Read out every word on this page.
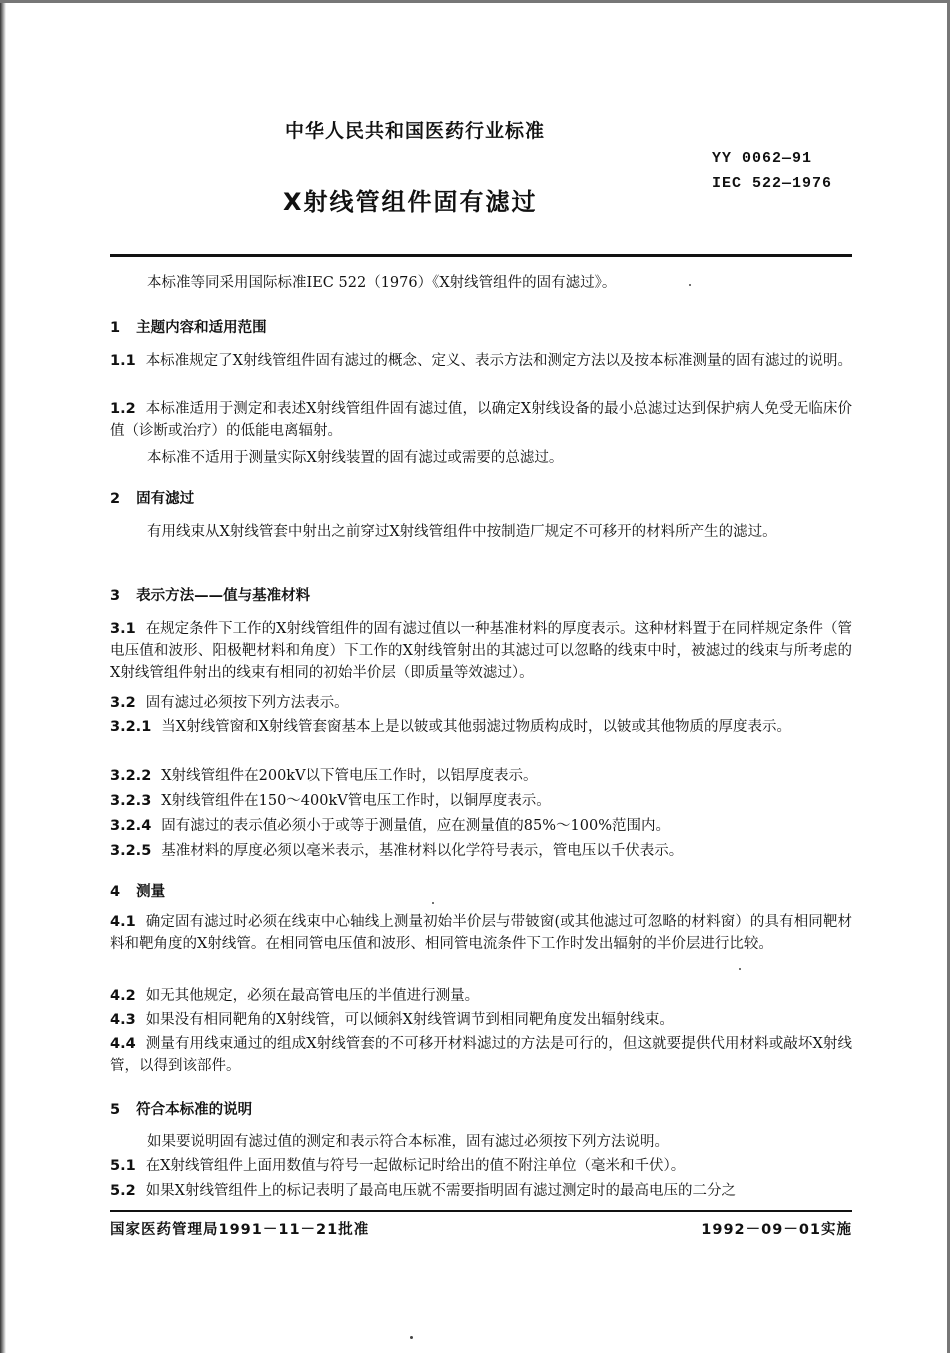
中华人民共和国医药行业标准
YY 0062—91
IEC 522—1976
X射线管组件固有滤过
本标准等同采用国际标准IEC 522（1976）《X射线管组件的固有滤过》。
1 主题内容和适用范围
1.1 本标准规定了X射线管组件固有滤过的概念、定义、表示方法和测定方法以及按本标准测量的固有滤过的说明。
1.2 本标准适用于测定和表述X射线管组件固有滤过值，以确定X射线设备的最小总滤过达到保护病人免受无临床价值（诊断或治疗）的低能电离辐射。
本标准不适用于测量实际X射线装置的固有滤过或需要的总滤过。
2 固有滤过
有用线束从X射线管套中射出之前穿过X射线管组件中按制造厂规定不可移开的材料所产生的滤过。
3 表示方法——值与基准材料
3.1 在规定条件下工作的X射线管组件的固有滤过值以一种基准材料的厚度表示。这种材料置于在同样规定条件（管电压值和波形、阳极靶材料和角度）下工作的X射线管射出的其滤过可以忽略的线束中时，被滤过的线束与所考虑的X射线管组件射出的线束有相同的初始半价层（即质量等效滤过）。
3.2 固有滤过必须按下列方法表示。
3.2.1 当X射线管窗和X射线管套窗基本上是以铍或其他弱滤过物质构成时，以铍或其他物质的厚度表示。
3.2.2 X射线管组件在200kV以下管电压工作时，以铝厚度表示。
3.2.3 X射线管组件在150～400kV管电压工作时，以铜厚度表示。
3.2.4 固有滤过的表示值必须小于或等于测量值，应在测量值的85%～100%范围内。
3.2.5 基准材料的厚度必须以毫米表示，基准材料以化学符号表示，管电压以千伏表示。
4 测量
4.1 确定固有滤过时必须在线束中心轴线上测量初始半价层与带铍窗(或其他滤过可忽略的材料窗）的具有相同靶材料和靶角度的X射线管。在相同管电压值和波形、相同管电流条件下工作时发出辐射的半价层进行比较。
4.2 如无其他规定，必须在最高管电压的半值进行测量。
4.3 如果没有相同靶角的X射线管，可以倾斜X射线管调节到相同靶角度发出辐射线束。
4.4 测量有用线束通过的组成X射线管套的不可移开材料滤过的方法是可行的，但这就要提供代用材料或敲坏X射线管，以得到该部件。
5 符合本标准的说明
如果要说明固有滤过值的测定和表示符合本标准，固有滤过必须按下列方法说明。
5.1 在X射线管组件上面用数值与符号一起做标记时给出的值不附注单位（毫米和千伏）。
5.2 如果X射线管组件上的标记表明了最高电压就不需要指明固有滤过测定时的最高电压的二分之
国家医药管理局1991－11－21批准	1992－09－01实施
